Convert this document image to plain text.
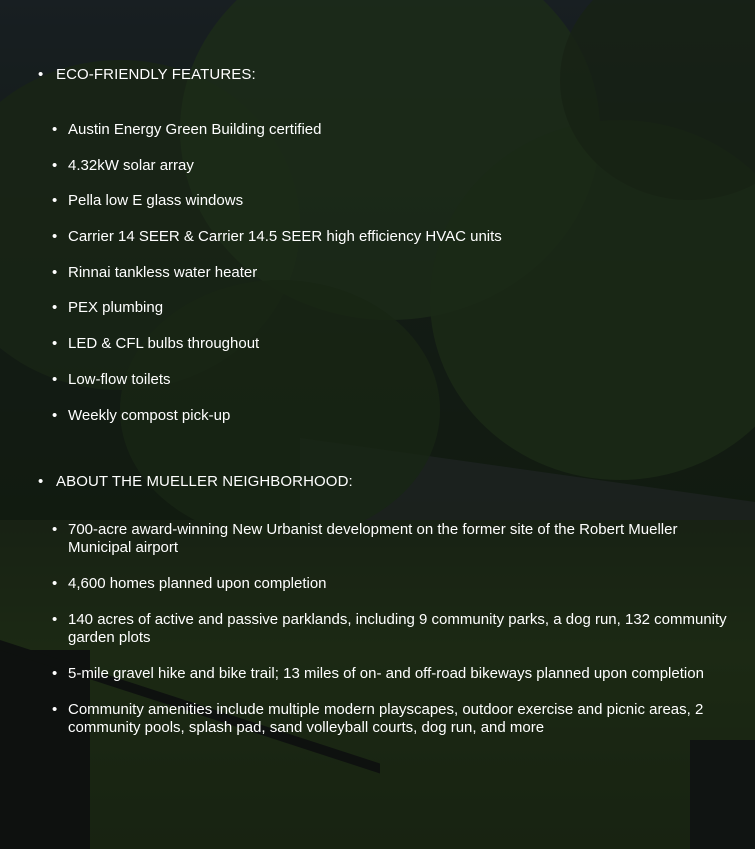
• ECO-FRIENDLY FEATURES:
• Austin Energy Green Building certified
• 4.32kW solar array
• Pella low E glass windows
• Carrier 14 SEER & Carrier 14.5 SEER high efficiency HVAC units
• Rinnai tankless water heater
• PEX plumbing
• LED & CFL bulbs throughout
• Low-flow toilets
• Weekly compost pick-up
• ABOUT THE MUELLER NEIGHBORHOOD:
• 700-acre award-winning New Urbanist development on the former site of the Robert Mueller Municipal airport
• 4,600 homes planned upon completion
• 140 acres of active and passive parklands, including 9 community parks, a dog run, 132 community garden plots
• 5-mile gravel hike and bike trail; 13 miles of on- and off-road bikeways planned upon completion
• Community amenities include multiple modern playscapes, outdoor exercise and picnic areas, 2 community pools, splash pad, sand volleyball courts, dog run, and more
